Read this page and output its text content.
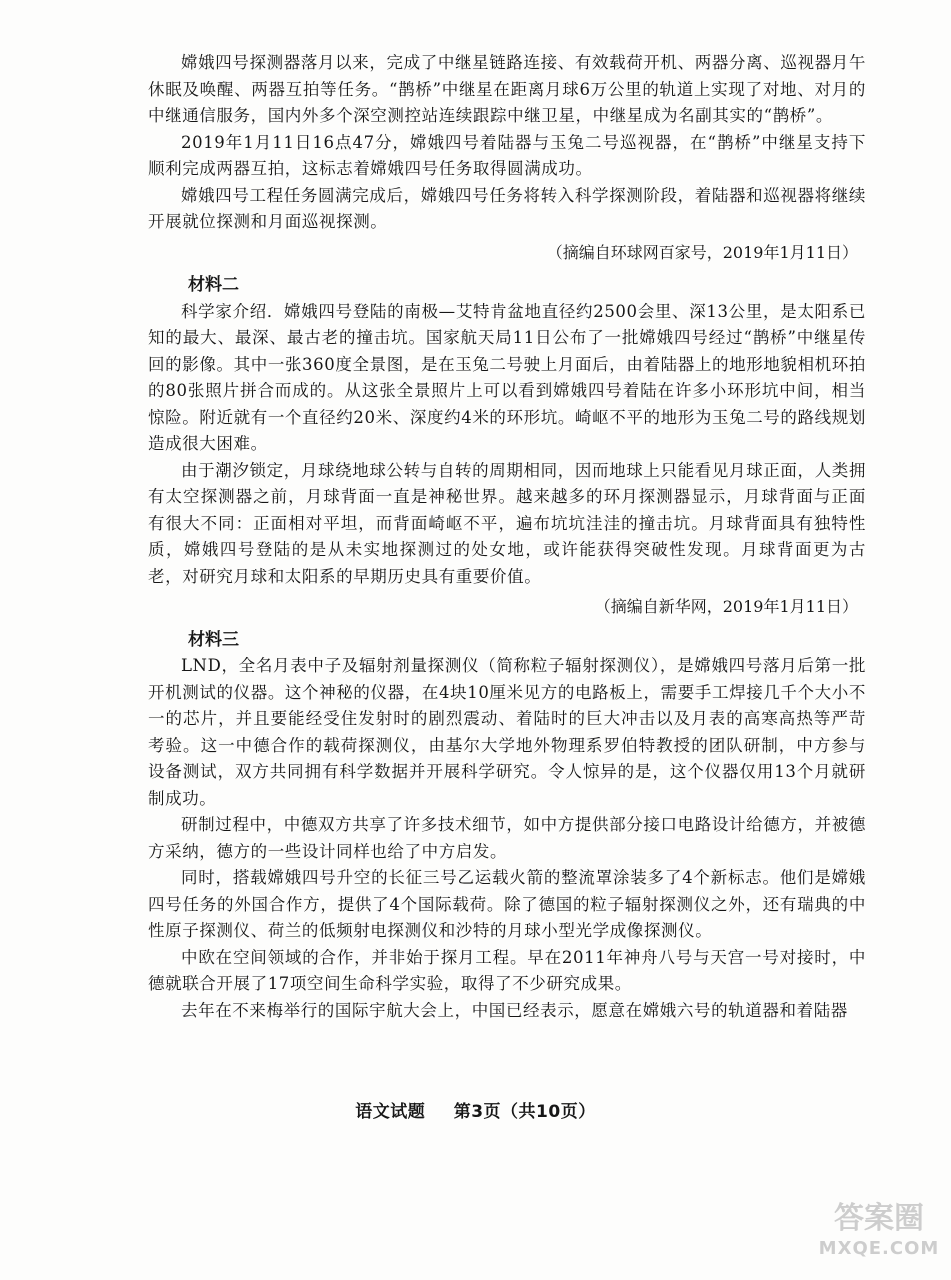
嫦娥四号探测器落月以来，完成了中继星链路连接、有效载荷开机、两器分离、巡视器月午休眠及唤醒、两器互拍等任务。“鹊桥”中继星在距离月球6万公里的轨道上实现了对地、对月的中继通信服务，国内外多个深空测控站连续跟踪中继卫星，中继星成为名副其实的“鹊桥”。

2019年1月11日16点47分，嫦娥四号着陆器与玉兔二号巡视器，在“鹊桥”中继星支持下顺利完成两器互拍，这标志着嫦娥四号任务取得圆满成功。

嫦娥四号工程任务圆满完成后，嫦娥四号任务将转入科学探测阶段，着陆器和巡视器将继续开展就位探测和月面巡视探测。

（摘编自环球网百家号，2019年1月11日）

材料二

科学家介绍．嫦娥四号登陆的南极—艾特肯盆地直径约2500会里、深13公里，是太阳系已知的最大、最深、最古老的撞击坑。国家航天局11日公布了一批嫦娥四号经过“鹊桥”中继星传回的影像。其中一张360度全景图，是在玉兔二号驶上月面后，由着陆器上的地形地貌相机环拍的80张照片拼合而成的。从这张全景照片上可以看到嫦娥四号着陆在许多小环形坑中间，相当惊险。附近就有一个直径约20米、深度约4米的环形坑。崎岖不平的地形为玉兔二号的路线规划造成很大困难。

由于潮汐锁定，月球绕地球公转与自转的周期相同，因而地球上只能看见月球正面，人类拥有太空探测器之前，月球背面一直是神秘世界。越来越多的环月探测器显示，月球背面与正面有很大不同：正面相对平坦，而背面崎岖不平，遍布坑坑洼洼的撞击坑。月球背面具有独特性质，嫦娥四号登陆的是从未实地探测过的处女地，或许能获得突破性发现。月球背面更为古老，对研究月球和太阳系的早期历史具有重要价值。

（摘编自新华网，2019年1月11日）

材料三

LND，全名月表中子及辐射剂量探测仪（简称粒子辐射探测仪），是嫦娥四号落月后第一批开机测试的仪器。这个神秘的仪器，在4块10厘米见方的电路板上，需要手工焊接几千个大小不一的芯片，并且要能经受住发射时的剧烈震动、着陆时的巨大冲击以及月表的高寒高热等严苛考验。这一中德合作的载荷探测仪，由基尔大学地外物理系罗伯特教授的团队研制，中方参与设备测试，双方共同拥有科学数据并开展科学研究。令人惊异的是，这个仪器仅用13个月就研制成功。

研制过程中，中德双方共享了许多技术细节，如中方提供部分接口电路设计给德方，并被德方采纳，德方的一些设计同样也给了中方启发。

同时，搭载嫦娥四号升空的长征三号乙运载火箭的整流罩涂装多了4个新标志。他们是嫦娥四号任务的外国合作方，提供了4个国际载荷。除了德国的粒子辐射探测仪之外，还有瑞典的中性原子探测仪、荷兰的低频射电探测仪和沙特的月球小型光学成像探测仪。

中欧在空间领域的合作，并非始于探月工程。早在2011年神舟八号与天宫一号对接时，中德就联合开展了17项空间生命科学实验，取得了不少研究成果。

去年在不来梅举行的国际宇航大会上，中国已经表示，愿意在嫦娥六号的轨道器和着陆器

语文试题 第3页（共10页）
答案圈
MXQE.COM
